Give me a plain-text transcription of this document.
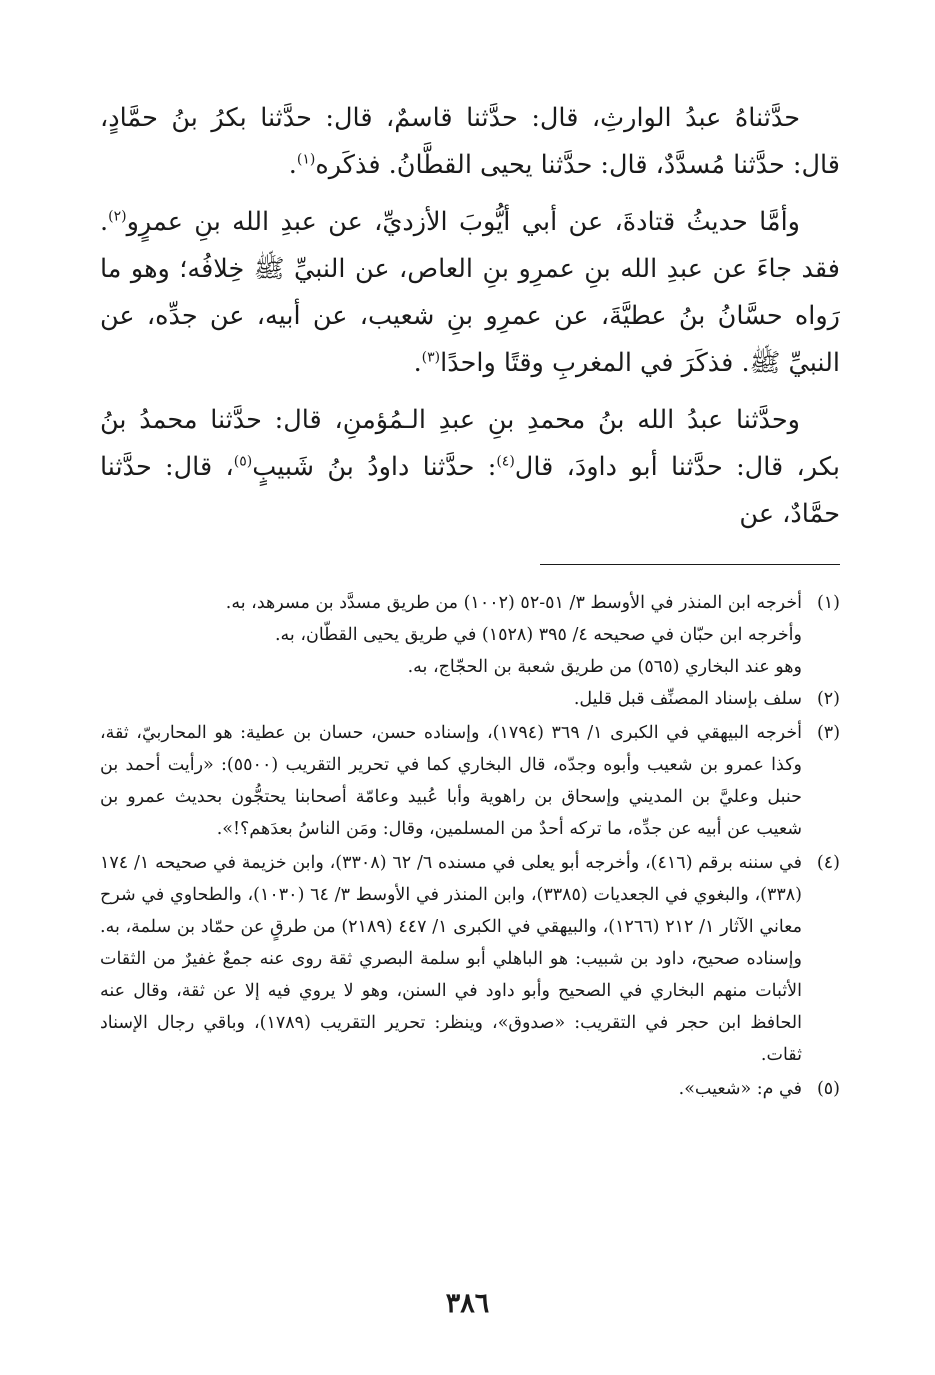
حدَّثناهُ عبدُ الوارثِ، قال: حدَّثنا قاسمٌ، قال: حدَّثنا بكرُ بنُ حمَّادٍ، قال: حدَّثنا مُسدَّدٌ، قال: حدَّثنا يحيى القطَّانُ. فذكَره$^{(١)}$.

وأمَّا حديثُ قتادةَ، عن أبي أيُّوبَ الأزديِّ، عن عبدِ الله بنِ عمرٍو$^{(٢)}$. فقد جاءَ عن عبدِ الله بنِ عمرِو بنِ العاص، عن النبيِّ ﷺ خِلافُه؛ وهو ما رَواه حسَّانُ بنُ عطيَّةَ، عن عمرِو بنِ شعيب، عن أبيه، عن جدِّه، عن النبيِّ ﷺ. فذكَرَ في المغربِ وقتًا واحدًا$^{(٣)}$.

وحدَّثنا عبدُ الله بنُ محمدِ بنِ عبدِ الـمُؤمنِ، قال: حدَّثنا محمدُ بنُ بكر، قال: حدَّثنا أبو داودَ، قال$^{(٤)}$: حدَّثنا داودُ بنُ شَبيبٍ$^{(٥)}$، قال: حدَّثنا حمَّادٌ، عن

(١)أخرجه ابن المنذر في الأوسط ٣/ ٥١-٥٢ (١٠٠٢) من طريق مسدَّد بن مسرهد، به.

وأخرجه ابن حبّان في صحيحه ٤/ ٣٩٥ (١٥٢٨) في طريق يحيى القطّان، به.

وهو عند البخاري (٥٦٥) من طريق شعبة بن الحجّاج، به.

(٢)سلف بإسناد المصنِّف قبل قليل.

(٣)أخرجه البيهقي في الكبرى ١/ ٣٦٩ (١٧٩٤)، وإسناده حسن، حسان بن عطية: هو المحاربيّ، ثقة، وكذا عمرو بن شعيب وأبوه وجدّه، قال البخاري كما في تحرير التقريب (٥٥٠٠): «رأيت أحمد بن حنبل وعليَّ بن المديني وإسحاق بن راهوية وأبا عُبيد وعامّة أصحابنا يحتجُّون بحديث عمرو بن شعيب عن أبيه عن جدِّه، ما تركه أحدٌ من المسلمين، وقال: ومَن الناسُ بعدَهم؟!».

(٤)في سننه برقم (٤١٦)، وأخرجه أبو يعلى في مسنده ٦/ ٦٢ (٣٣٠٨)، وابن خزيمة في صحيحه ١/ ١٧٤ (٣٣٨)، والبغوي في الجعديات (٣٣٨٥)، وابن المنذر في الأوسط ٣/ ٦٤ (١٠٣٠)، والطحاوي في شرح معاني الآثار ١/ ٢١٢ (١٢٦٦)، والبيهقي في الكبرى ١/ ٤٤٧ (٢١٨٩) من طرقٍ عن حمّاد بن سلمة، به. وإسناده صحيح، داود بن شبيب: هو الباهلي أبو سلمة البصري ثقة روى عنه جمعٌ غفيرٌ من الثقات الأثبات منهم البخاري في الصحيح وأبو داود في السنن، وهو لا يروي فيه إلا عن ثقة، وقال عنه الحافظ ابن حجر في التقريب: «صدوق»، وينظر: تحرير التقريب (١٧٨٩)، وباقي رجال الإسناد ثقات.

(٥)في م: «شعيب».

٣٨٦
